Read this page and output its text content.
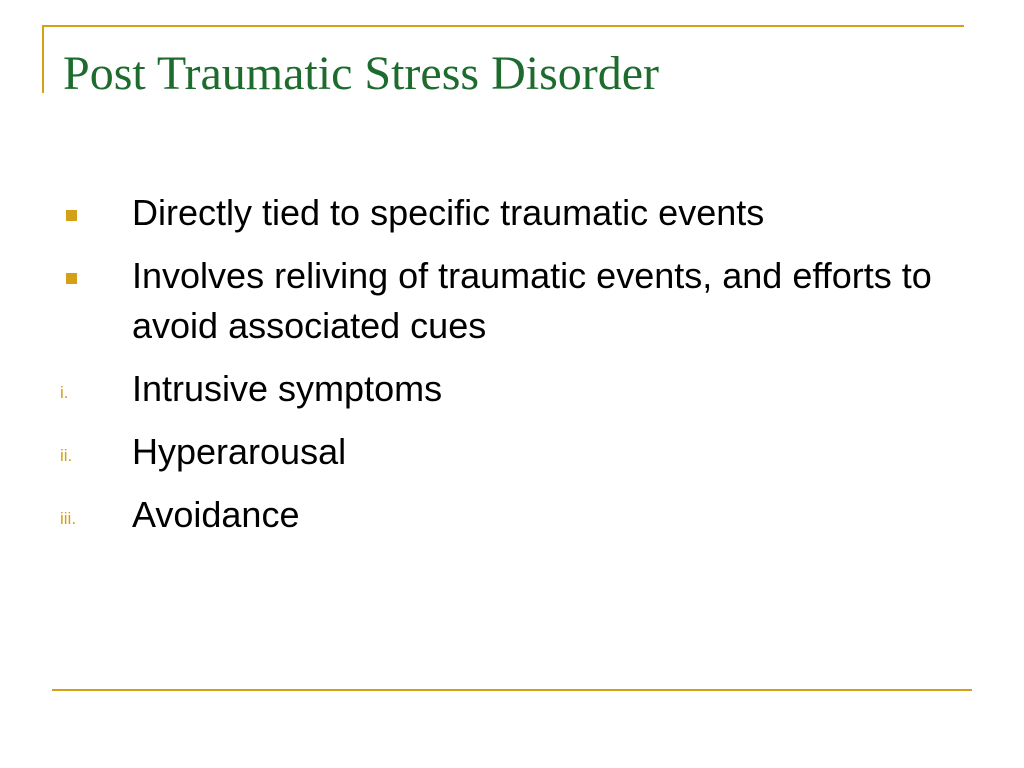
Post Traumatic Stress Disorder
Directly tied to specific traumatic events
Involves reliving of traumatic events, and efforts to avoid associated cues
i. Intrusive symptoms
ii. Hyperarousal
iii. Avoidance
